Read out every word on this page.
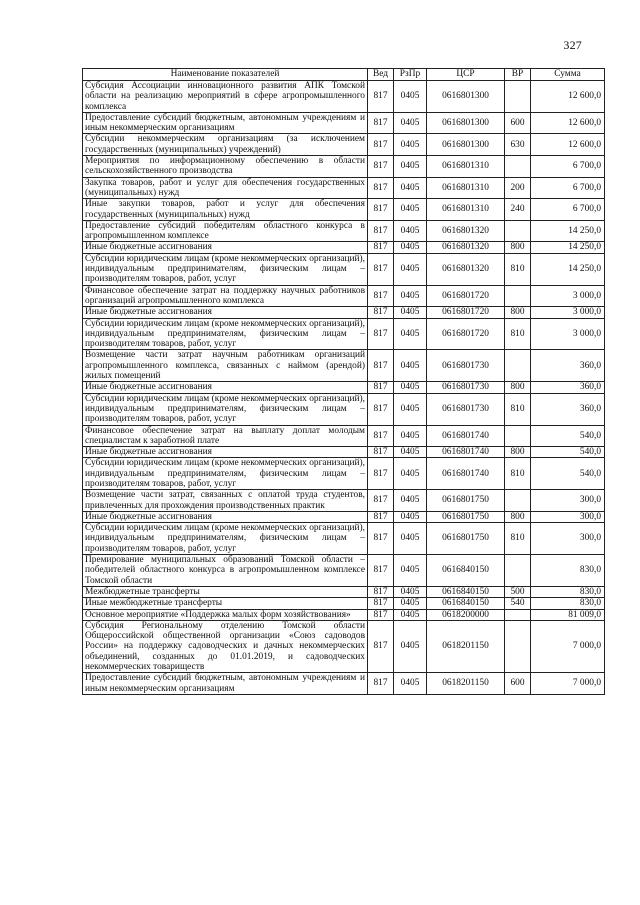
327
Наименование показателей	Вед	РзПр	ЦСР	ВР	Сумма
Субсидия Ассоциации инновационного развития АПК Томской области на реализацию мероприятий в сфере агропромышленного комплекса	817	0405	0616801300		12 600,0
Предоставление субсидий бюджетным, автономным учреждениям и иным некоммерческим организациям	817	0405	0616801300	600	12 600,0
Субсидии некоммерческим организациям (за исключением государственных (муниципальных) учреждений)	817	0405	0616801300	630	12 600,0
Мероприятия по информационному обеспечению в области сельскохозяйственного производства	817	0405	0616801310		6 700,0
Закупка товаров, работ и услуг для обеспечения государственных (муниципальных) нужд	817	0405	0616801310	200	6 700,0
Иные закупки товаров, работ и услуг для обеспечения государственных (муниципальных) нужд	817	0405	0616801310	240	6 700,0
Предоставление субсидий победителям областного конкурса в агропромышленном комплексе	817	0405	0616801320		14 250,0
Иные бюджетные ассигнования	817	0405	0616801320	800	14 250,0
Субсидии юридическим лицам (кроме некоммерческих организаций), индивидуальным предпринимателям, физическим лицам – производителям товаров, работ, услуг	817	0405	0616801320	810	14 250,0
Финансовое обеспечение затрат на поддержку научных работников организаций агропромышленного комплекса	817	0405	0616801720		3 000,0
Иные бюджетные ассигнования	817	0405	0616801720	800	3 000,0
Субсидии юридическим лицам (кроме некоммерческих организаций), индивидуальным предпринимателям, физическим лицам – производителям товаров, работ, услуг	817	0405	0616801720	810	3 000,0
Возмещение части затрат научным работникам организаций агропромышленного комплекса, связанных с наймом (арендой) жилых помещений	817	0405	0616801730		360,0
Иные бюджетные ассигнования	817	0405	0616801730	800	360,0
Субсидии юридическим лицам (кроме некоммерческих организаций), индивидуальным предпринимателям, физическим лицам – производителям товаров, работ, услуг	817	0405	0616801730	810	360,0
Финансовое обеспечение затрат на выплату доплат молодым специалистам к заработной плате	817	0405	0616801740		540,0
Иные бюджетные ассигнования	817	0405	0616801740	800	540,0
Субсидии юридическим лицам (кроме некоммерческих организаций), индивидуальным предпринимателям, физическим лицам – производителям товаров, работ, услуг	817	0405	0616801740	810	540,0
Возмещение части затрат, связанных с оплатой труда студентов, привлеченных для прохождения производственных практик	817	0405	0616801750		300,0
Иные бюджетные ассигнования	817	0405	0616801750	800	300,0
Субсидии юридическим лицам (кроме некоммерческих организаций), индивидуальным предпринимателям, физическим лицам – производителям товаров, работ, услуг	817	0405	0616801750	810	300,0
Премирование муниципальных образований Томской области – победителей областного конкурса в агропромышленном комплексе Томской области	817	0405	0616840150		830,0
Межбюджетные трансферты	817	0405	0616840150	500	830,0
Иные межбюджетные трансферты	817	0405	0616840150	540	830,0
Основное мероприятие «Поддержка малых форм хозяйствования»	817	0405	0618200000		81 009,0
Субсидия Региональному отделению Томской области Общероссийской общественной организации «Союз садоводов России» на поддержку садоводческих и дачных некоммерческих объединений, созданных до 01.01.2019, и садоводческих некоммерческих товариществ	817	0405	0618201150		7 000,0
Предоставление субсидий бюджетным, автономным учреждениям и иным некоммерческим организациям	817	0405	0618201150	600	7 000,0
